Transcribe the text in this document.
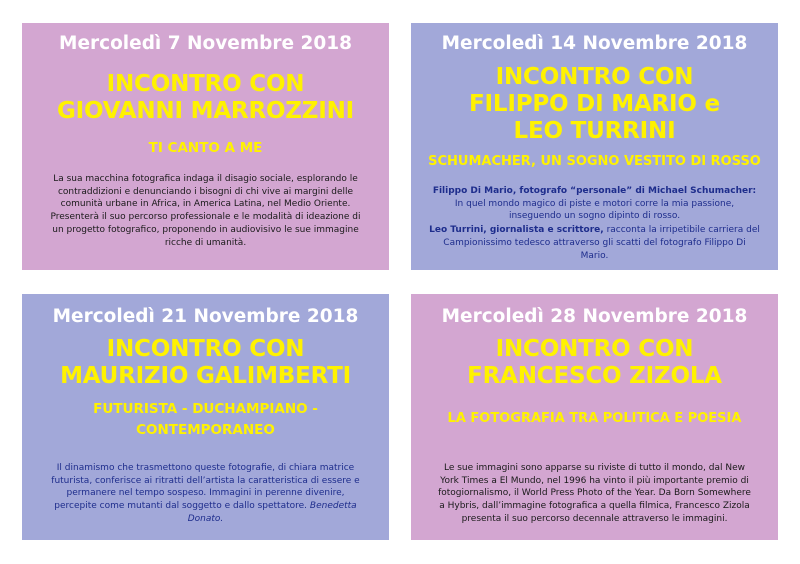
Mercoledì 7 Novembre 2018
INCONTRO CON
GIOVANNI MARROZZINI
TI CANTO A ME

La sua macchina fotografica indaga il disagio sociale, esplorando le contraddizioni e denunciando i bisogni di chi vive ai margini delle comunità urbane in Africa, in America Latina, nel Medio Oriente. Presenterà il suo percorso professionale e le modalità di ideazione di un progetto fotografico, proponendo in audiovisivo le sue immagine ricche di umanità.

Mercoledì 14 Novembre 2018
INCONTRO CON
FILIPPO DI MARIO e
LEO TURRINI
SCHUMACHER, UN SOGNO VESTITO DI ROSSO

Filippo Di Mario, fotografo “personale” di Michael Schumacher: In quel mondo magico di piste e motori corre la mia passione, inseguendo un sogno dipinto di rosso.

Leo Turrini, giornalista e scrittore, racconta la irripetibile carriera del Campionissimo tedesco attraverso gli scatti del fotografo Filippo Di Mario.

Mercoledì 21 Novembre 2018
INCONTRO CON
MAURIZIO GALIMBERTI
FUTURISTA - DUCHAMPIANO -
CONTEMPORANEO

Il dinamismo che trasmettono queste fotografie, di chiara matrice futurista, conferisce ai ritratti dell’artista la caratteristica di essere e permanere nel tempo sospeso. Immagini in perenne divenire, percepite come mutanti dal soggetto e dallo spettatore. Benedetta Donato.

Mercoledì 28 Novembre 2018
INCONTRO CON
FRANCESCO ZIZOLA
LA FOTOGRAFIA TRA POLITICA E POESIA

Le sue immagini sono apparse su riviste di tutto il mondo, dal New York Times a El Mundo, nel 1996 ha vinto il più importante premio di fotogiornalismo, il World Press Photo of the Year. Da Born Somewhere a Hybris, dall’immagine fotografica a quella filmica, Francesco Zizola presenta il suo percorso decennale attraverso le immagini.
